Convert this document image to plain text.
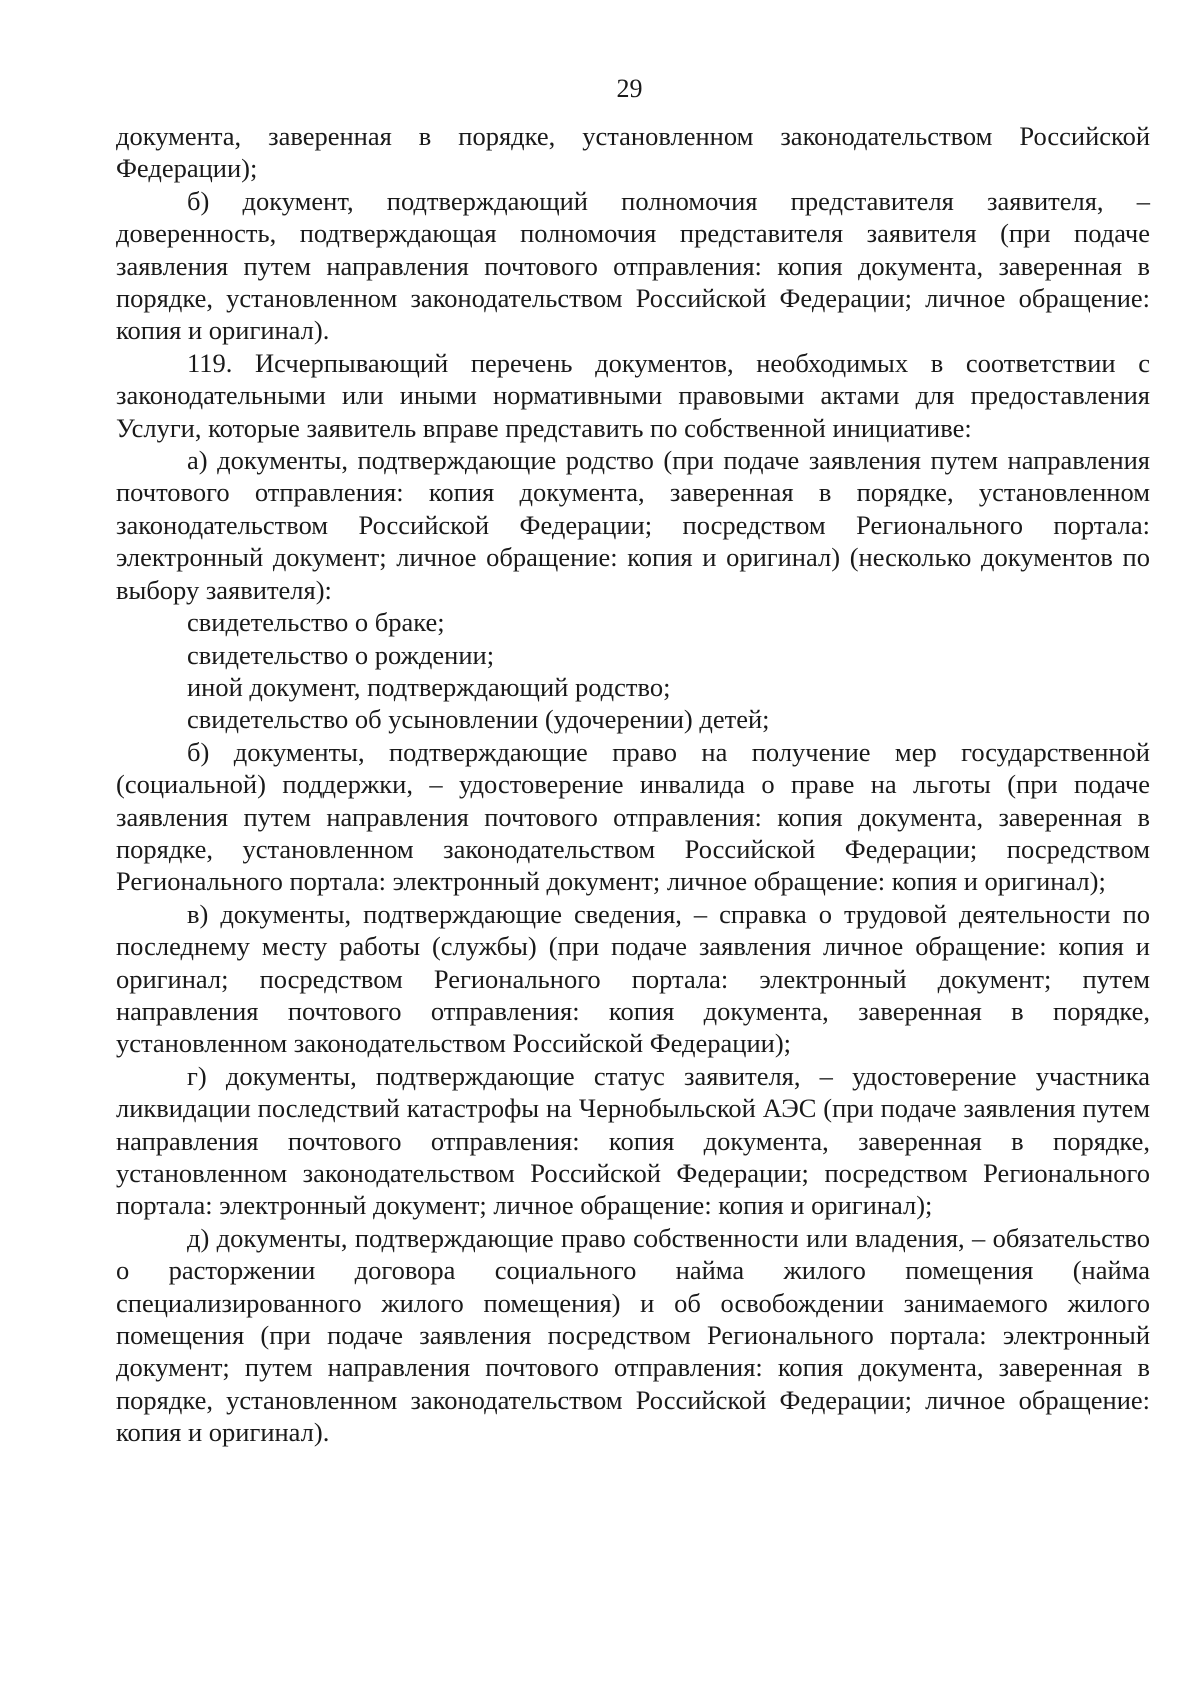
29

документа, заверенная в порядке, установленном законодательством Российской Федерации);

б) документ, подтверждающий полномочия представителя заявителя, – доверенность, подтверждающая полномочия представителя заявителя (при подаче заявления путем направления почтового отправления: копия документа, заверенная в порядке, установленном законодательством Российской Федерации; личное обращение: копия и оригинал).

119. Исчерпывающий перечень документов, необходимых в соответствии с законодательными или иными нормативными правовыми актами для предоставления Услуги, которые заявитель вправе представить по собственной инициативе:

а) документы, подтверждающие родство (при подаче заявления путем направления почтового отправления: копия документа, заверенная в порядке, установленном законодательством Российской Федерации; посредством Регионального портала: электронный документ; личное обращение: копия и оригинал) (несколько документов по выбору заявителя):

свидетельство о браке;

свидетельство о рождении;

иной документ, подтверждающий родство;

свидетельство об усыновлении (удочерении) детей;

б) документы, подтверждающие право на получение мер государственной (социальной) поддержки, – удостоверение инвалида о праве на льготы (при подаче заявления путем направления почтового отправления: копия документа, заверенная в порядке, установленном законодательством Российской Федерации; посредством Регионального портала: электронный документ; личное обращение: копия и оригинал);

в) документы, подтверждающие сведения, – справка о трудовой деятельности по последнему месту работы (службы) (при подаче заявления личное обращение: копия и оригинал; посредством Регионального портала: электронный документ; путем направления почтового отправления: копия документа, заверенная в порядке, установленном законодательством Российской Федерации);

г) документы, подтверждающие статус заявителя, – удостоверение участника ликвидации последствий катастрофы на Чернобыльской АЭС (при подаче заявления путем направления почтового отправления: копия документа, заверенная в порядке, установленном законодательством Российской Федерации; посредством Регионального портала: электронный документ; личное обращение: копия и оригинал);

д) документы, подтверждающие право собственности или владения, – обязательство о расторжении договора социального найма жилого помещения (найма специализированного жилого помещения) и об освобождении занимаемого жилого помещения (при подаче заявления посредством Регионального портала: электронный документ; путем направления почтового отправления: копия документа, заверенная в порядке, установленном законодательством Российской Федерации; личное обращение: копия и оригинал).
